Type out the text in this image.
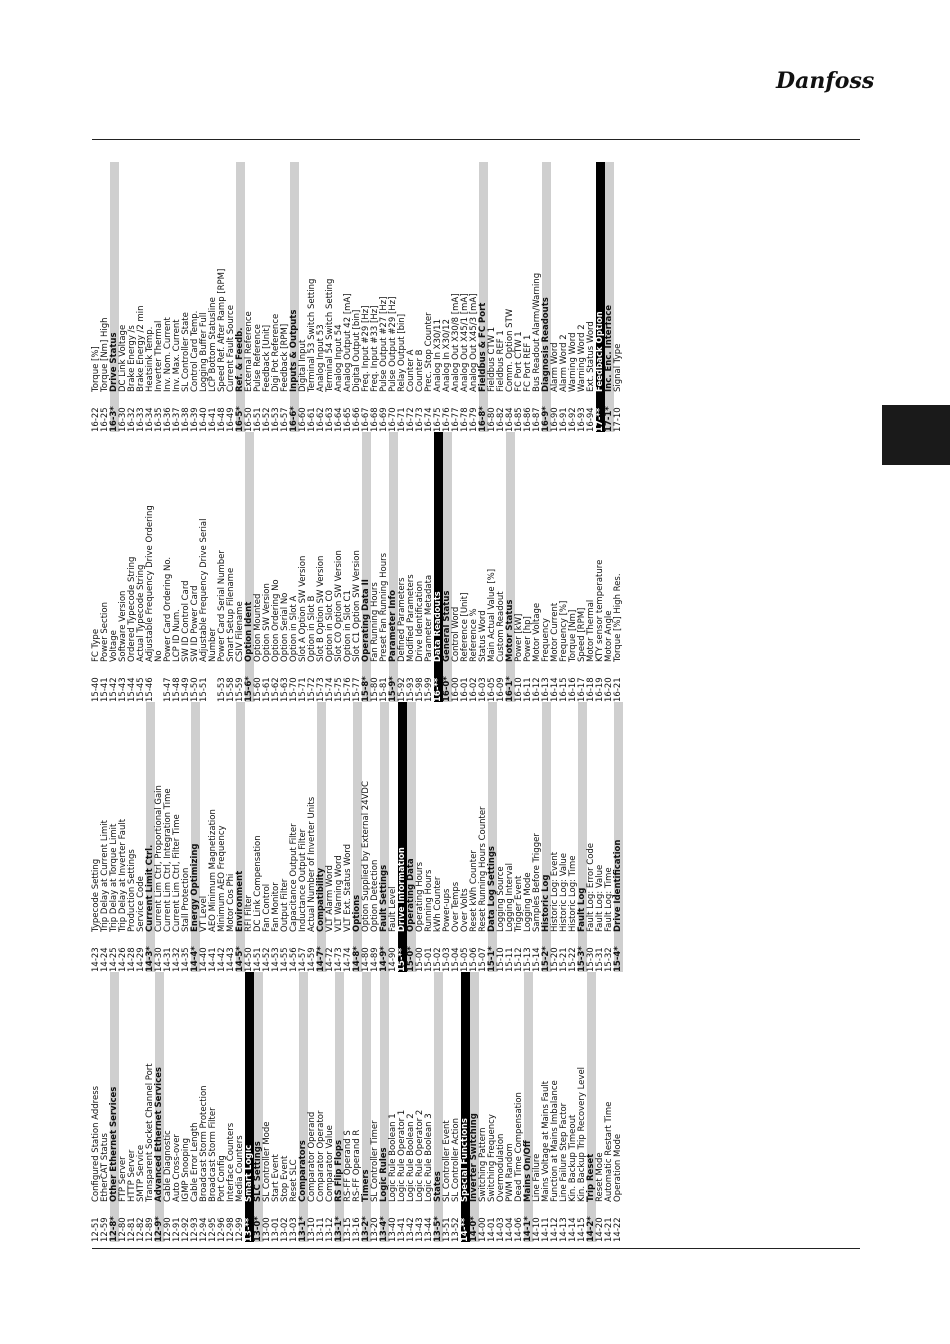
Danfoss
12-51
Configured Station Address
12-59
EtherCAT Status
12-8*
Other Ethernet Services
12-80
FTP Server
12-81
HTTP Server
12-82
SMTP Service
12-89
Transparent Socket Channel Port
12-9*
Advanced Ethernet Services
12-90
Cable Diagnostic
12-91
Auto Cross-over
12-92
IGMP Snooping
12-93
Cable Error Length
12-94
Broadcast Storm Protection
12-95
Broadcast Storm Filter
12-96
Port Config
12-98
Interface Counters
12-99
Media Counters
13-**
Smart Logic
13-0*
SLC Settings
13-00
SL Controller Mode
13-01
Start Event
13-02
Stop Event
13-03
Reset SLC
13-1*
Comparators
13-10
Comparator Operand
13-11
Comparator Operator
13-12
Comparator Value
13-1*
RS Flip Flops
13-15
RS-FF Operand S
13-16
RS-FF Operand R
13-2*
Timers
13-20
SL Controller Timer
13-4*
Logic Rules
13-40
Logic Rule Boolean 1
13-41
Logic Rule Operator 1
13-42
Logic Rule Boolean 2
13-43
Logic Rule Operator 2
13-44
Logic Rule Boolean 3
13-5*
States
13-51
SL Controller Event
13-52
SL Controller Action
14-**
Special Functions
14-0*
Inverter Switching
14-00
Switching Pattern
14-01
Switching Frequency
14-03
Overmodulation
14-04
PWM Random
14-06
Dead Time Compensation
14-1*
Mains On/Off
14-10
Line Failure
14-11
Mains Voltage at Mains Fault
14-12
Function at Mains Imbalance
14-13
Line Failure Step Factor
14-14
Kin. Backup Timeout
14-15
Kin. Backup Trip Recovery Level
14-2*
Trip Reset
14-20
Reset Mode
14-21
Automatic Restart Time
14-22
Operation Mode
14-23
Typecode Setting
14-24
Trip Delay at Current Limit
14-25
Trip Delay at Torque Limit
14-26
Trip Delay at Inverter Fault
14-28
Production Settings
14-29
Service Code
14-3*
Current Limit Ctrl.
14-30
Current Lim Ctrl, Proportional Gain
14-31
Current Lim Ctrl, Integration Time
14-32
Current Lim Ctrl, Filter Time
14-35
Stall Protection
14-4*
Energy Optimizing
14-40
VT Level
14-41
AEO Minimum Magnetization
14-42
Minimum AEO Frequency
14-43
Motor Cos Phi
14-5*
Environment
14-50
RFI Filter
14-51
DC Link Compensation
14-52
Fan Control
14-53
Fan Monitor
14-55
Output Filter
14-56
Capacitance Output Filter
14-57
Inductance Output Filter
14-59
Actual Number of Inverter Units
14-7*
Compatibility
14-72
VLT Alarm Word
14-73
VLT Warning Word
14-74
VLT Ext. Status Word
14-8*
Options
14-80
Option Supplied by External 24VDC
14-89
Option Detection
14-9*
Fault Settings
14-90
Fault Level
15-**
Drive Information
15-0*
Operating Data
15-00
Operating Hours
15-01
Running Hours
15-02
kWh Counter
15-03
Power-ups
15-04
Over Temps
15-05
Over Volts
15-06
Reset kWh Counter
15-07
Reset Running Hours Counter
15-1*
Data Log Settings
15-10
Logging Source
15-11
Logging Interval
15-12
Trigger Event
15-13
Logging Mode
15-14
Samples Before Trigger
15-2*
Historic Log
15-20
Historic Log: Event
15-21
Historic Log: Value
15-22
Historic Log: Time
15-3*
Fault Log
15-30
Fault Log: Error Code
15-31
Fault Log: Value
15-32
Fault Log: Time
15-4*
Drive Identification
15-40
FC Type
15-41
Power Section
15-42
Voltage
15-43
Software Version
15-44
Ordered Typecode String
15-45
Actual Typecode String
15-46
Adjustable Frequency Drive Ordering No
15-47
Power Card Ordering No.
15-48
LCP ID Num.
15-49
SW ID Control Card
15-50
SW ID Power Card
15-51
Adjustable Frequency Drive Serial Number
15-53
Power Card Serial Number
15-58
Smart Setup Filename
15-59
CSIV Filename
15-6*
Option Ident
15-60
Option Mounted
15-61
Option SW Version
15-62
Option Ordering No
15-63
Option Serial No
15-70
Option in Slot A
15-71
Slot A Option SW Version
15-72
Option in Slot B
15-73
Slot B Option SW Version
15-74
Option in Slot C0
15-75
Slot C0 Option SW Version
15-76
Option in Slot C1
15-77
Slot C1 Option SW Version
15-8*
Operating Data II
15-80
Fan Running Hours
15-81
Preset Fan Running Hours
15-9*
Parameter Info
15-92
Defined Parameters
15-93
Modified Parameters
15-98
Drive Identification
15-99
Parameter Metadata
16-**
Data Readouts
16-0*
General Status
16-00
Control Word
16-01
Reference [Unit]
16-02
Reference %
16-03
Status Word
16-05
Main Actual Value [%]
16-09
Custom Readout
16-1*
Motor Status
16-10
Power [kW]
16-11
Power [hp]
16-12
Motor Voltage
16-13
Frequency
16-14
Motor Current
16-15
Frequency [%]
16-16
Torque [Nm]
16-17
Speed [RPM]
16-18
Motor Thermal
16-19
KTY sensor temperature
16-20
Motor Angle
16-21
Torque [%] High Res.
16-22
Torque [%]
16-25
Torque [Nm] High
16-3*
Drive Status
16-30
DC Link Voltage
16-32
Brake Energy /s
16-33
Brake Energy /2 min
16-34
Heatsink Temp.
16-35
Inverter Thermal
16-36
Inv. Nom. Current
16-37
Inv. Max. Current
16-38
SL Controller State
16-39
Control Card Temp.
16-40
Logging Buffer Full
16-41
LCP Bottom Statusline
16-48
Speed Ref. After Ramp [RPM]
16-49
Current Fault Source
16-5*
Ref. & Feedb.
16-50
External Reference
16-51
Pulse Reference
16-52
Feedback [Unit]
16-53
Digi Pot Reference
16-57
Feedback [RPM]
16-6*
Inputs & Outputs
16-60
Digital Input
16-61
Terminal 53 Switch Setting
16-62
Analog Input 53
16-63
Terminal 54 Switch Setting
16-64
Analog Input 54
16-65
Analog Output 42 [mA]
16-66
Digital Output [bin]
16-67
Freq. Input #29 [Hz]
16-68
Freq. Input #33 [Hz]
16-69
Pulse Output #27 [Hz]
16-70
Pulse Output #29 [Hz]
16-71
Relay Output [bin]
16-72
Counter A
16-73
Counter B
16-74
Prec. Stop Counter
16-75
Analog In X30/11
16-76
Analog In X30/12
16-77
Analog Out X30/8 [mA]
16-78
Analog Out X45/1 [mA]
16-79
Analog Out X45/3 [mA]
16-8*
Fieldbus & FC Port
16-80
Fieldbus CTW 1
16-82
Fieldbus REF 1
16-84
Comm. Option STW
16-85
FC Port CTW 1
16-86
FC Port REF 1
16-87
Bus Readout Alarm/Warning
16-9*
Diagnosis Readouts
16-90
Alarm Word
16-91
Alarm Word 2
16-92
Warning Word
16-93
Warning Word 2
16-94
Ext. Status Word
17-**
Feedback Option
17-1*
Inc. Enc. Interface
17-10
Signal Type
